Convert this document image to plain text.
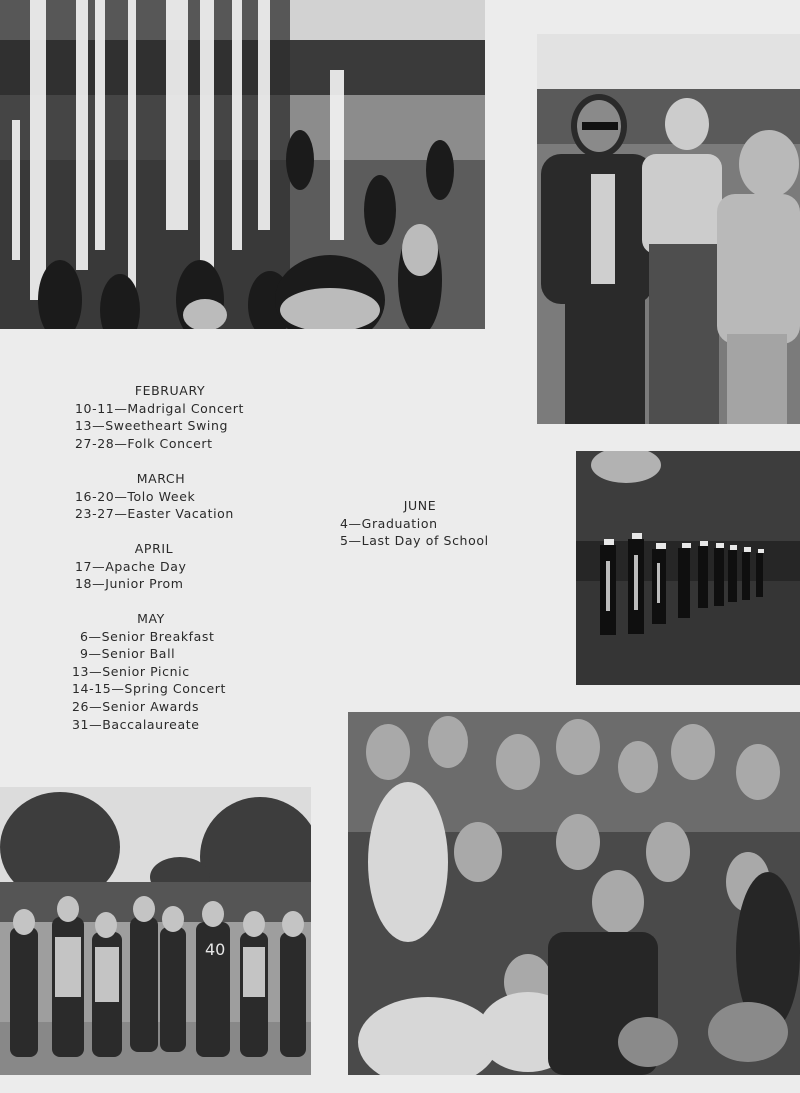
40
FEBRUARY
10-11—Madrigal Concert
13—Sweetheart Swing
27-28—Folk Concert
MARCH
16-20—Tolo Week
23-27—Easter Vacation
APRIL
17—Apache Day
18—Junior Prom
MAY
6—Senior Breakfast
9—Senior Ball
13—Senior Picnic
14-15—Spring Concert
26—Senior Awards
31—Baccalaureate
JUNE
4—Graduation
5—Last Day of School
